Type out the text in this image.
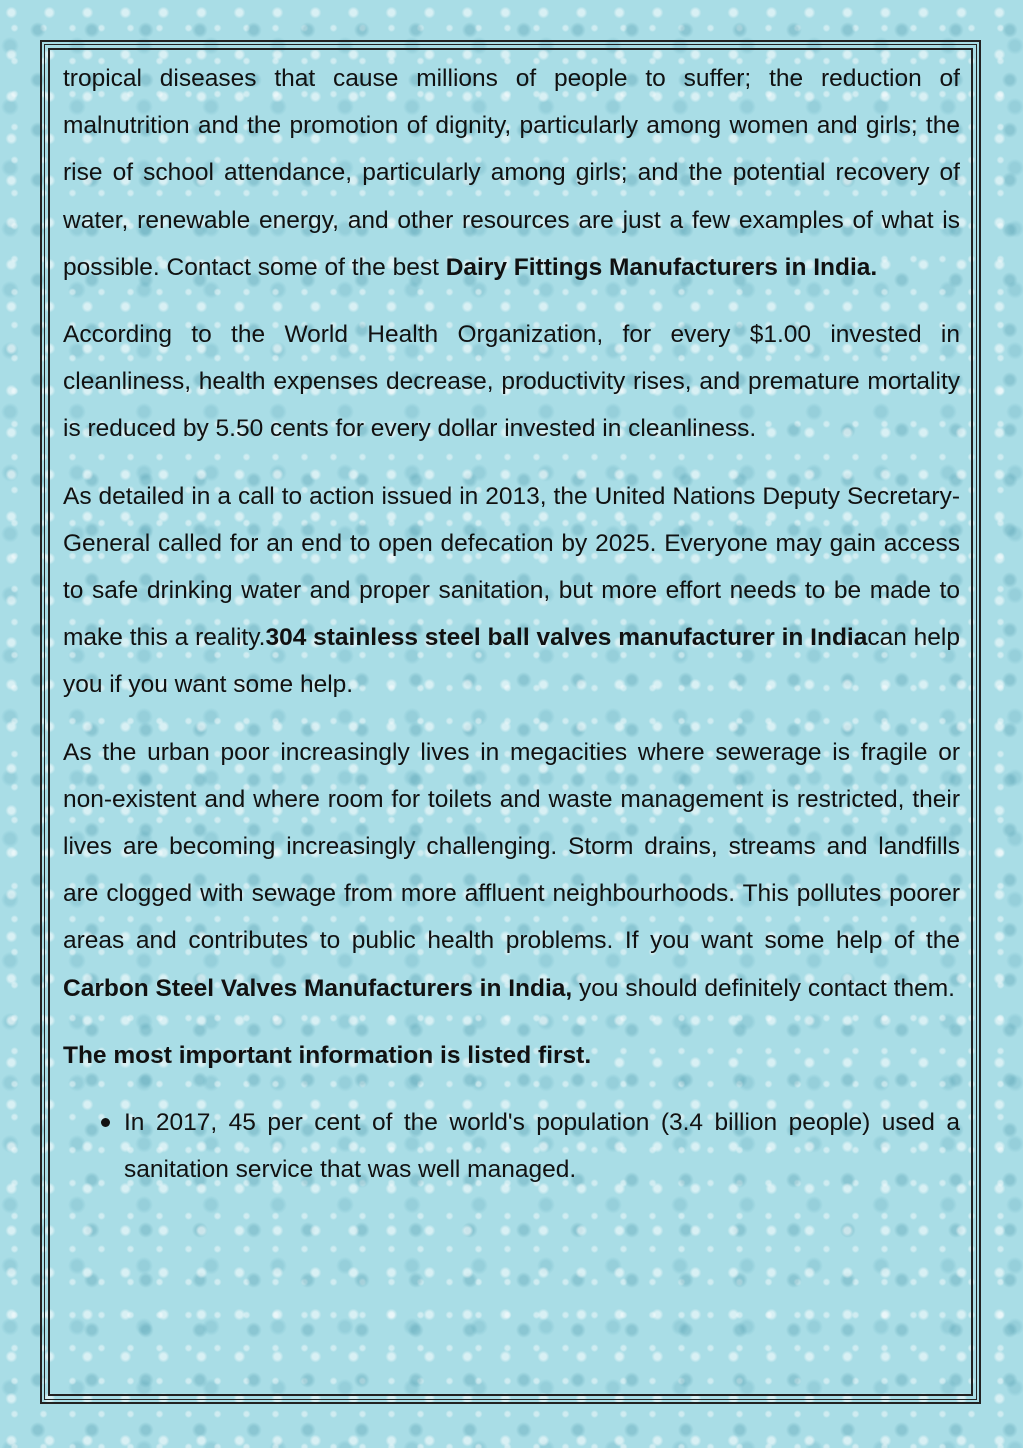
tropical diseases that cause millions of people to suffer; the reduction of malnutrition and the promotion of dignity, particularly among women and girls; the rise of school attendance, particularly among girls; and the potential recovery of water, renewable energy, and other resources are just a few examples of what is possible. Contact some of the best Dairy Fittings Manufacturers in India.

According to the World Health Organization, for every $1.00 invested in cleanliness, health expenses decrease, productivity rises, and premature mortality is reduced by 5.50 cents for every dollar invested in cleanliness.

As detailed in a call to action issued in 2013, the United Nations Deputy Secretary-General called for an end to open defecation by 2025. Everyone may gain access to safe drinking water and proper sanitation, but more effort needs to be made to make this a reality.304 stainless steel ball valves manufacturer in Indiacan help you if you want some help.

As the urban poor increasingly lives in megacities where sewerage is fragile or non-existent and where room for toilets and waste management is restricted, their lives are becoming increasingly challenging. Storm drains, streams and landfills are clogged with sewage from more affluent neighbourhoods. This pollutes poorer areas and contributes to public health problems. If you want some help of the Carbon Steel Valves Manufacturers in India, you should definitely contact them.

The most important information is listed first.

In 2017, 45 per cent of the world's population (3.4 billion people) used a sanitation service that was well managed.
